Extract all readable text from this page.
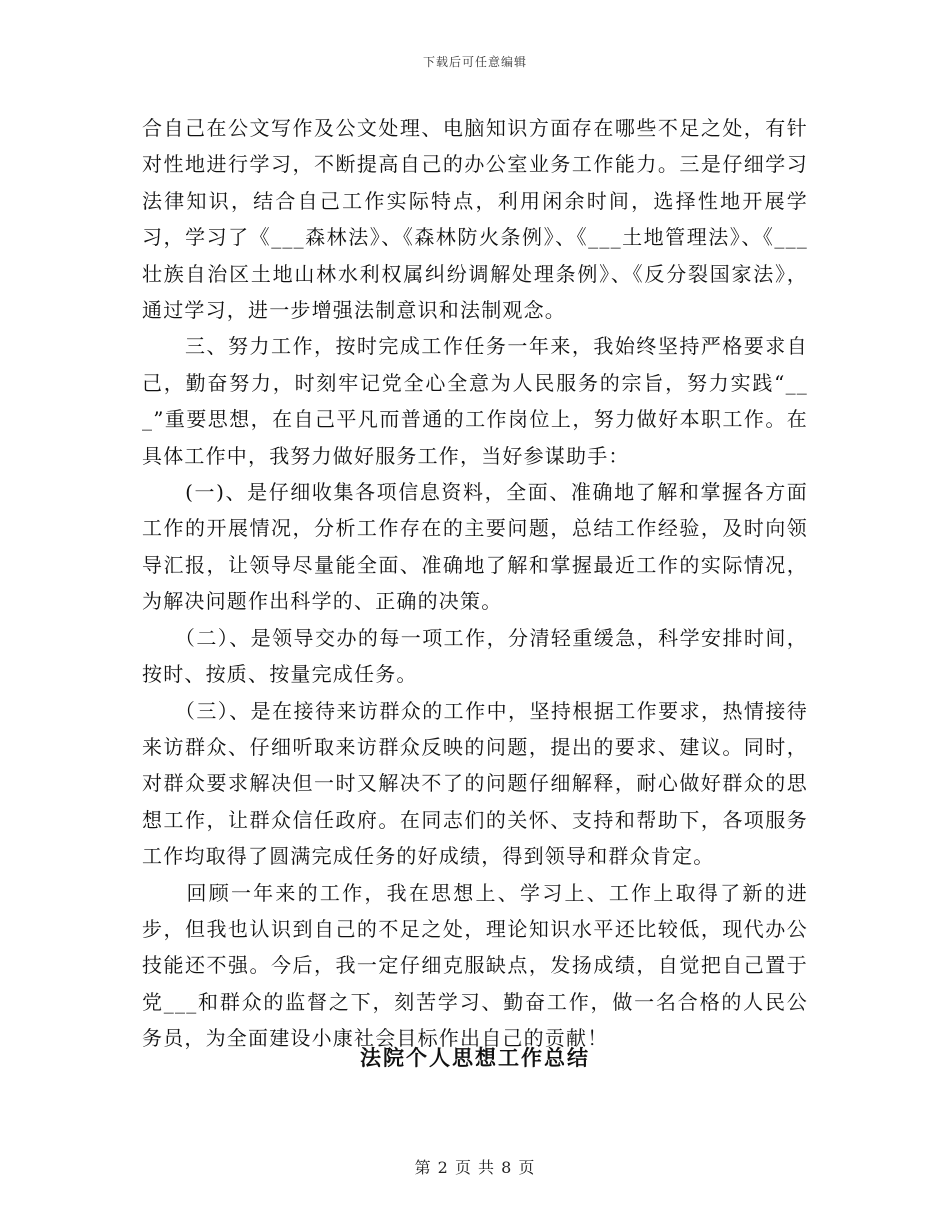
下载后可任意编辑

合自己在公文写作及公文处理、电脑知识方面存在哪些不足之处，有针对性地进行学习，不断提高自己的办公室业务工作能力。三是仔细学习法律知识，结合自己工作实际特点，利用闲余时间，选择性地开展学习，学习了《___森林法》、《森林防火条例》、《___土地管理法》、《___壮族自治区土地山林水利权属纠纷调解处理条例》、《反分裂国家法》，通过学习，进一步增强法制意识和法制观念。

　　三、努力工作，按时完成工作任务一年来，我始终坚持严格要求自己，勤奋努力，时刻牢记党全心全意为人民服务的宗旨，努力实践“___”重要思想，在自己平凡而普通的工作岗位上，努力做好本职工作。在具体工作中，我努力做好服务工作，当好参谋助手：

　　(一)、是仔细收集各项信息资料，全面、准确地了解和掌握各方面工作的开展情况，分析工作存在的主要问题，总结工作经验，及时向领导汇报，让领导尽量能全面、准确地了解和掌握最近工作的实际情况，为解决问题作出科学的、正确的决策。

　　（二）、是领导交办的每一项工作，分清轻重缓急，科学安排时间，按时、按质、按量完成任务。

　　（三）、是在接待来访群众的工作中，坚持根据工作要求，热情接待来访群众、仔细听取来访群众反映的问题，提出的要求、建议。同时，对群众要求解决但一时又解决不了的问题仔细解释，耐心做好群众的思想工作，让群众信任政府。在同志们的关怀、支持和帮助下，各项服务工作均取得了圆满完成任务的好成绩，得到领导和群众肯定。

　　回顾一年来的工作，我在思想上、学习上、工作上取得了新的进步，但我也认识到自己的不足之处，理论知识水平还比较低，现代办公技能还不强。今后，我一定仔细克服缺点，发扬成绩，自觉把自己置于党___和群众的监督之下，刻苦学习、勤奋工作，做一名合格的人民公务员，为全面建设小康社会目标作出自己的贡献！

法院个人思想工作总结
第 2 页 共 8 页
